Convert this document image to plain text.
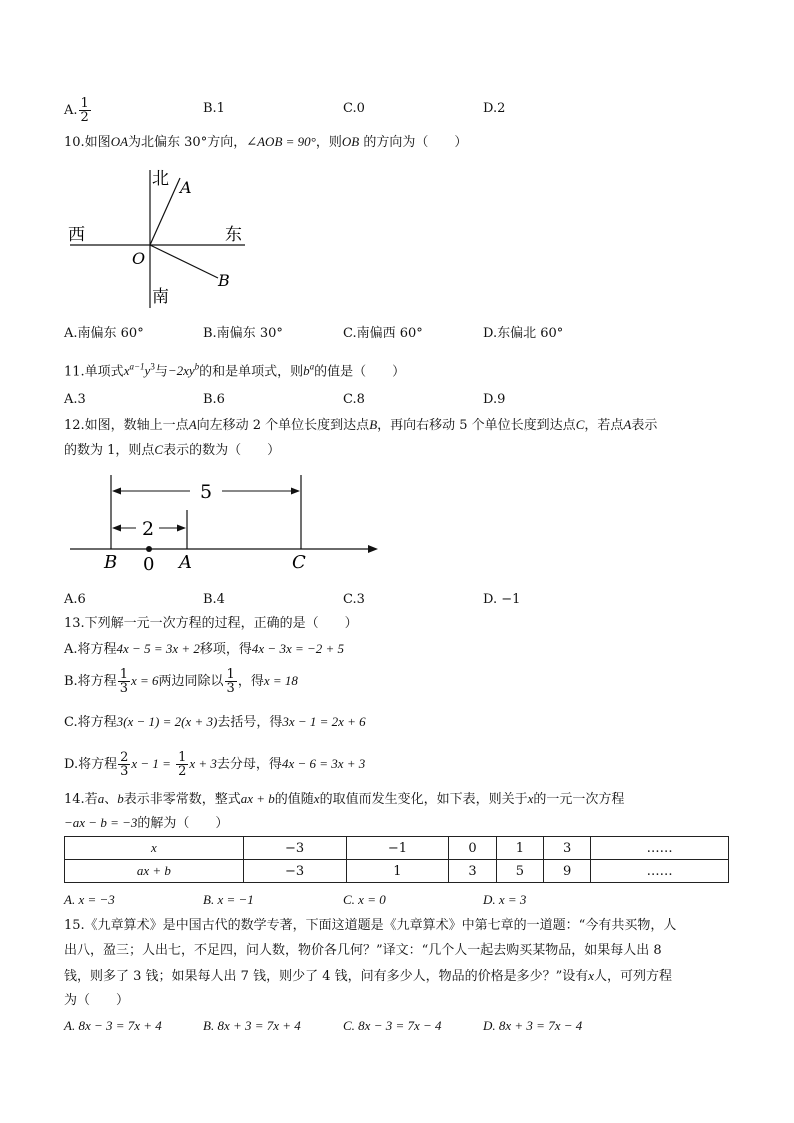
A. $\frac{1}{2}$	B.1	C.0	D.2
10.如图OA为北偏东 30°方向，∠AOB = 90°，则OB 的方向为（　　）
北
南
西	东
A
B
O
A.南偏东 60°	B.南偏东 30°	C.南偏西 60°	D.东偏北 60°
11.单项式$x^{a-1}y^3$与$-2xy^b$的和是单项式，则$b^a$的值是（　　）
A.3	B.6	C.8	D.9
12.如图，数轴上一点A向左移动 2 个单位长度到达点B，再向右移动 5 个单位长度到达点C，若点A表示
的数为 1，则点C表示的数为（　　）
5
2
0
B	A	C
A.6	B.4	C.3	D. −1
13.下列解一元一次方程的过程，正确的是（　　）
A.将方程4x − 5 = 3x + 2移项，得4x − 3x = −2 + 5
B.将方程 $\frac{1}{3}$ x = 6两边同除以 $\frac{1}{3}$ ，得x = 18
C.将方程3(x − 1) = 2(x + 3)去括号，得3x − 1 = 2x + 6
D.将方程 $\frac{2}{3}$ $x - 1 = \frac{1}{2}$ x + 3去分母，得4x − 6 = 3x + 3
14.若a、b表示非零常数，整式ax + b的值随x的取值而发生变化，如下表，则关于x的一元一次方程
−ax − b = −3的解为（　　）
x	−3	−1	0	1	3	……
ax + b	−3	1	3	5	9	……
A. x = −3	B. x = −1	C. x = 0	D. x = 3
15.《九章算术》是中国古代的数学专著，下面这道题是《九章算术》中第七章的一道题：“今有共买物，人
出八，盈三；人出七，不足四，问人数，物价各几何？”译文：“几个人一起去购买某物品，如果每人出 8
钱，则多了 3 钱；如果每人出 7 钱，则少了 4 钱，问有多少人，物品的价格是多少？”设有x人，可列方程
为（　　）
A. 8x − 3 = 7x + 4	B. 8x + 3 = 7x + 4	C. 8x − 3 = 7x − 4	D. 8x + 3 = 7x − 4
